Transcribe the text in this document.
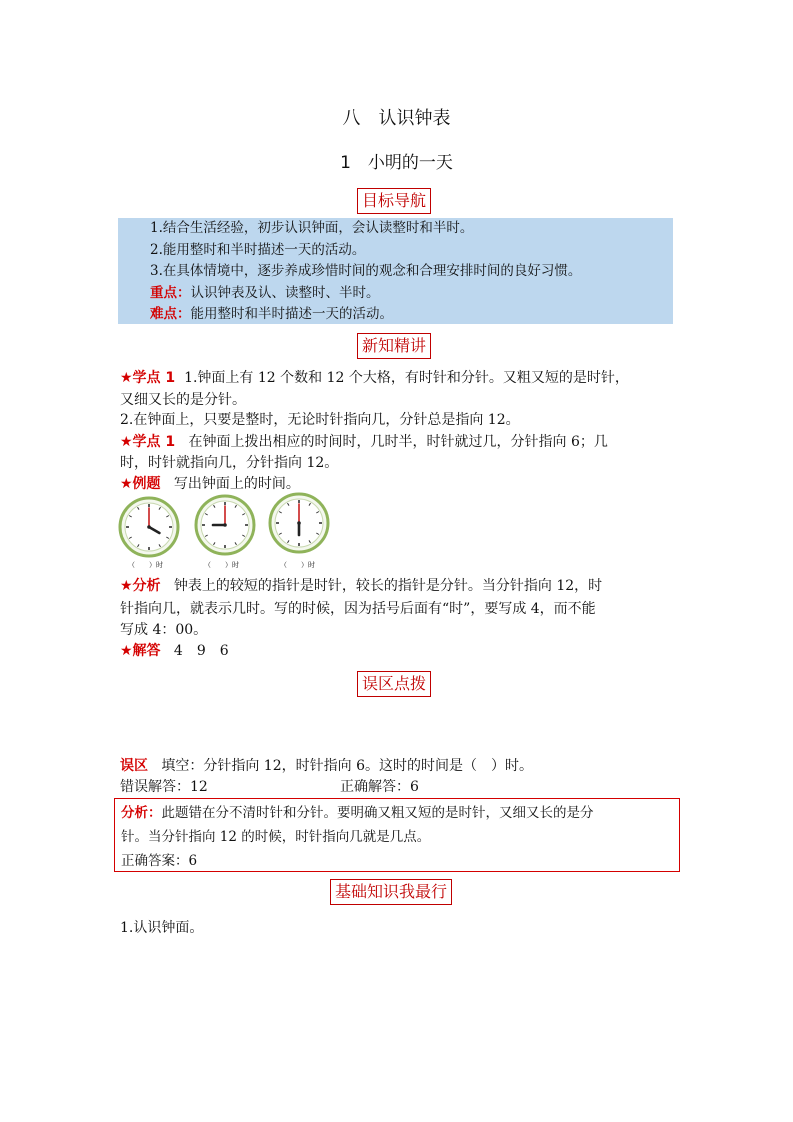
八　认识钟表
1　小明的一天
目标导航
1.结合生活经验，初步认识钟面，会认读整时和半时。
2.能用整时和半时描述一天的活动。
3.在具体情境中，逐步养成珍惜时间的观念和合理安排时间的良好习惯。
重点：认识钟表及认、读整时、半时。
难点：能用整时和半时描述一天的活动。
新知精讲
★学点 1 1.钟面上有 12 个数和 12 个大格，有时针和分针。又粗又短的是时针，
又细又长的是分针。
2.在钟面上，只要是整时，无论时针指向几，分针总是指向 12。
★学点 1 在钟面上拨出相应的时间时，几时半，时针就过几，分针指向 6；几
时，时针就指向几，分针指向 12。
★例题 写出钟面上的时间。
（　　）时	（　　）时	（　　）时
★分析 钟表上的较短的指针是时针，较长的指针是分针。当分针指向 12，时
针指向几，就表示几时。写的时候，因为括号后面有“时”，要写成 4，而不能
写成 4：00。
★解答 4　9　6
误区点拨
误区 填空：分针指向 12，时针指向 6。这时的时间是（　）时。
错误解答：12	正确解答：6
分析：此题错在分不清时针和分针。要明确又粗又短的是时针，又细又长的是分
针。当分针指向 12 的时候，时针指向几就是几点。
正确答案：6
基础知识我最行
1.认识钟面。
